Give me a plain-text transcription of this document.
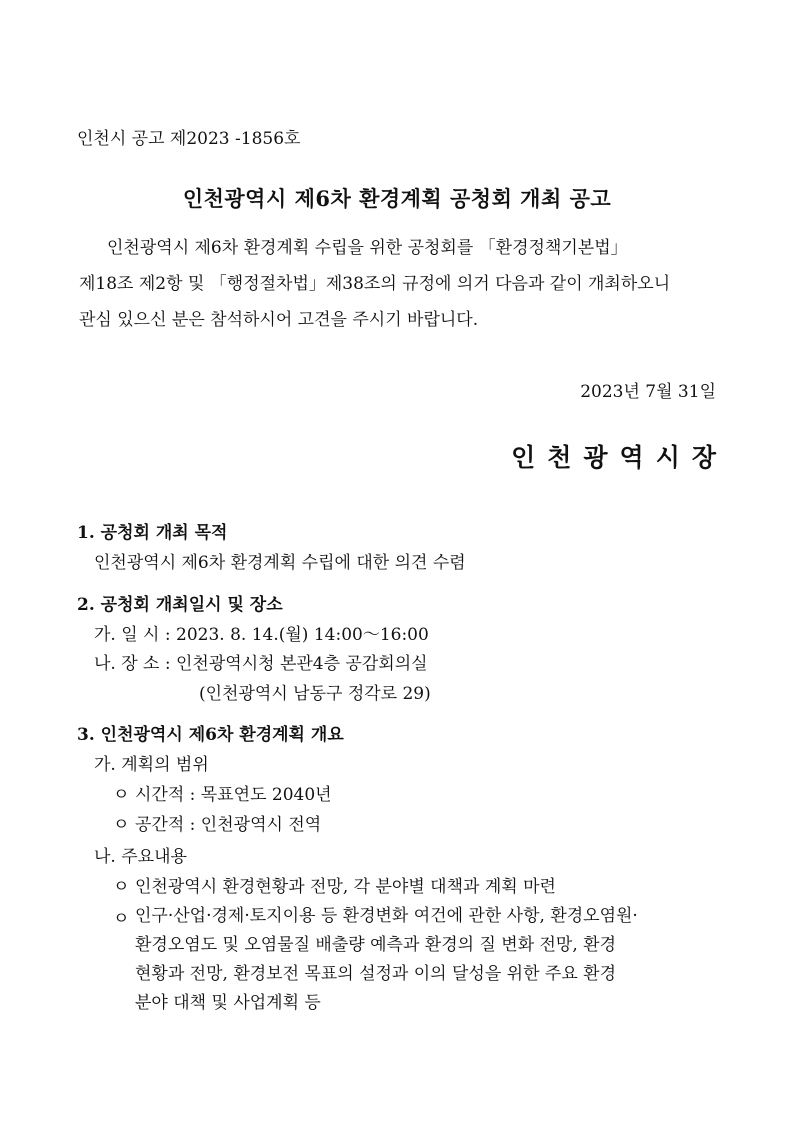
인천시 공고 제2023 -1856호
인천광역시 제6차 환경계획 공청회 개최 공고

인천광역시 제6차 환경계획 수립을 위한 공청회를 「환경정책기본법」

제18조 제2항 및 「행정절차법」제38조의 규정에 의거 다음과 같이 개최하오니

관심 있으신 분은 참석하시어 고견을 주시기 바랍니다.

2023년 7월 31일
인천광역시장
1. 공청회 개최 목적
인천광역시 제6차 환경계획 수립에 대한 의견 수렴
2. 공청회 개최일시 및 장소
가. 일 시 : 2023. 8. 14.(월) 14:00～16:00
나. 장 소 : 인천광역시청 본관4층 공감회의실
(인천광역시 남동구 정각로 29)
3. 인천광역시 제6차 환경계획 개요
가. 계획의 범위
ㅇ 시간적 : 목표연도 2040년
ㅇ 공간적 : 인천광역시 전역
나. 주요내용
ㅇ 인천광역시 환경현황과 전망, 각 분야별 대책과 계획 마련
ㅇ 인구·산업·경제·토지이용 등 환경변화 여건에 관한 사항, 환경오염원·

환경오염도 및 오염물질 배출량 예측과 환경의 질 변화 전망, 환경

현황과 전망, 환경보전 목표의 설정과 이의 달성을 위한 주요 환경

분야 대책 및 사업계획 등
